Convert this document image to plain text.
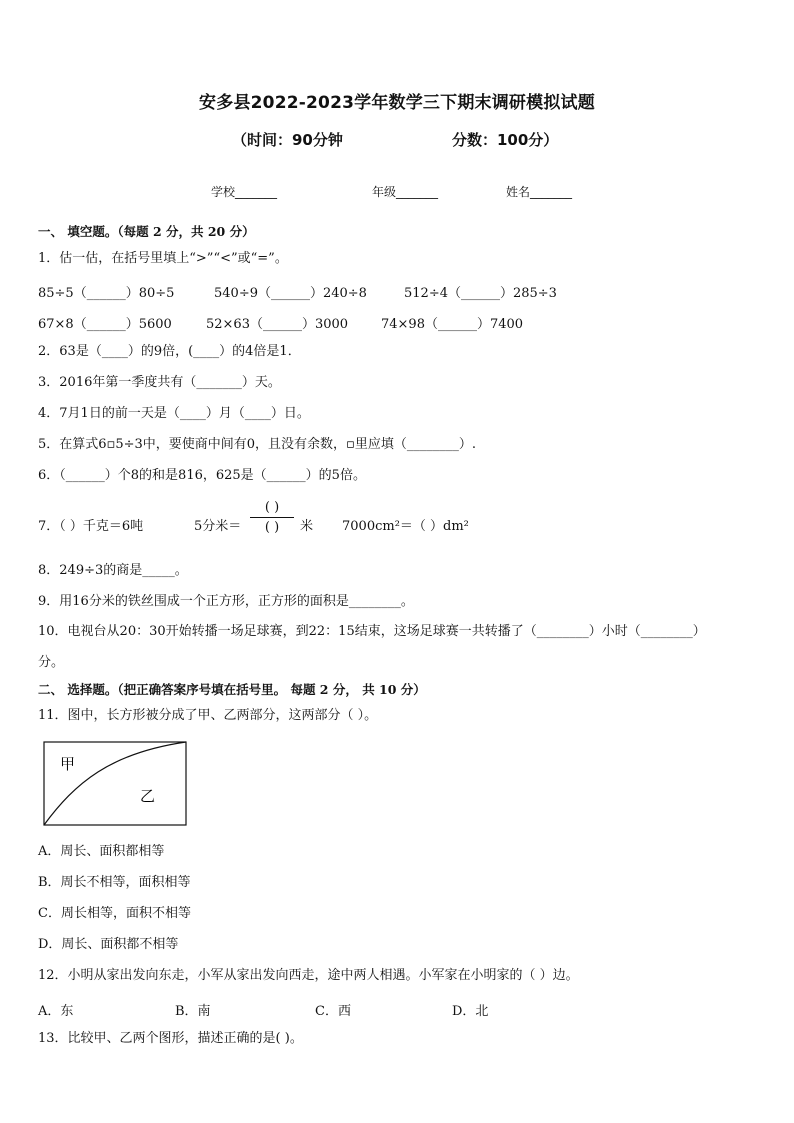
安多县2022-2023学年数学三下期末调研模拟试题
（时间：90分钟	分数：100分）
学校_______	年级_______	姓名_______
一、 填空题。（每题 2 分，共 20 分）
1．估一估，在括号里填上“>”“<”或“=”。
85÷5（______）80÷5	540÷9（______）240÷8	512÷4（______）285÷3
67×8（______）5600	52×63（______）3000	74×98（______）7400
2．63是（____）的9倍，(____）的4倍是1．
3．2016年第一季度共有（_______）天。
4．7月1日的前一天是（____）月（____）日。
5．在算式6▫5÷3中，要使商中间有0，且没有余数，▫里应填（________）.
6．（______）个8的和是816，625是（______）的5倍。
7．（ ）千克＝6吨	5分米＝
( )
( )	米 7000cm²＝（ ）dm²
8．249÷3的商是_____。
9．用16分米的铁丝围成一个正方形，正方形的面积是________。
10．电视台从20：30开始转播一场足球赛，到22：15结束，这场足球赛一共转播了（________）小时（________）
分。
二、 选择题。（把正确答案序号填在括号里。 每题 2 分， 共 10 分）
11．图中，长方形被分成了甲、乙两部分，这两部分（ ）。
甲
乙
A．周长、面积都相等
B．周长不相等，面积相等
C．周长相等，面积不相等
D．周长、面积都不相等
12．小明从家出发向东走，小军从家出发向西走，途中两人相遇。小军家在小明家的（ ）边。
A．东	B．南	C．西	D．北
13．比较甲、乙两个图形，描述正确的是( )。
